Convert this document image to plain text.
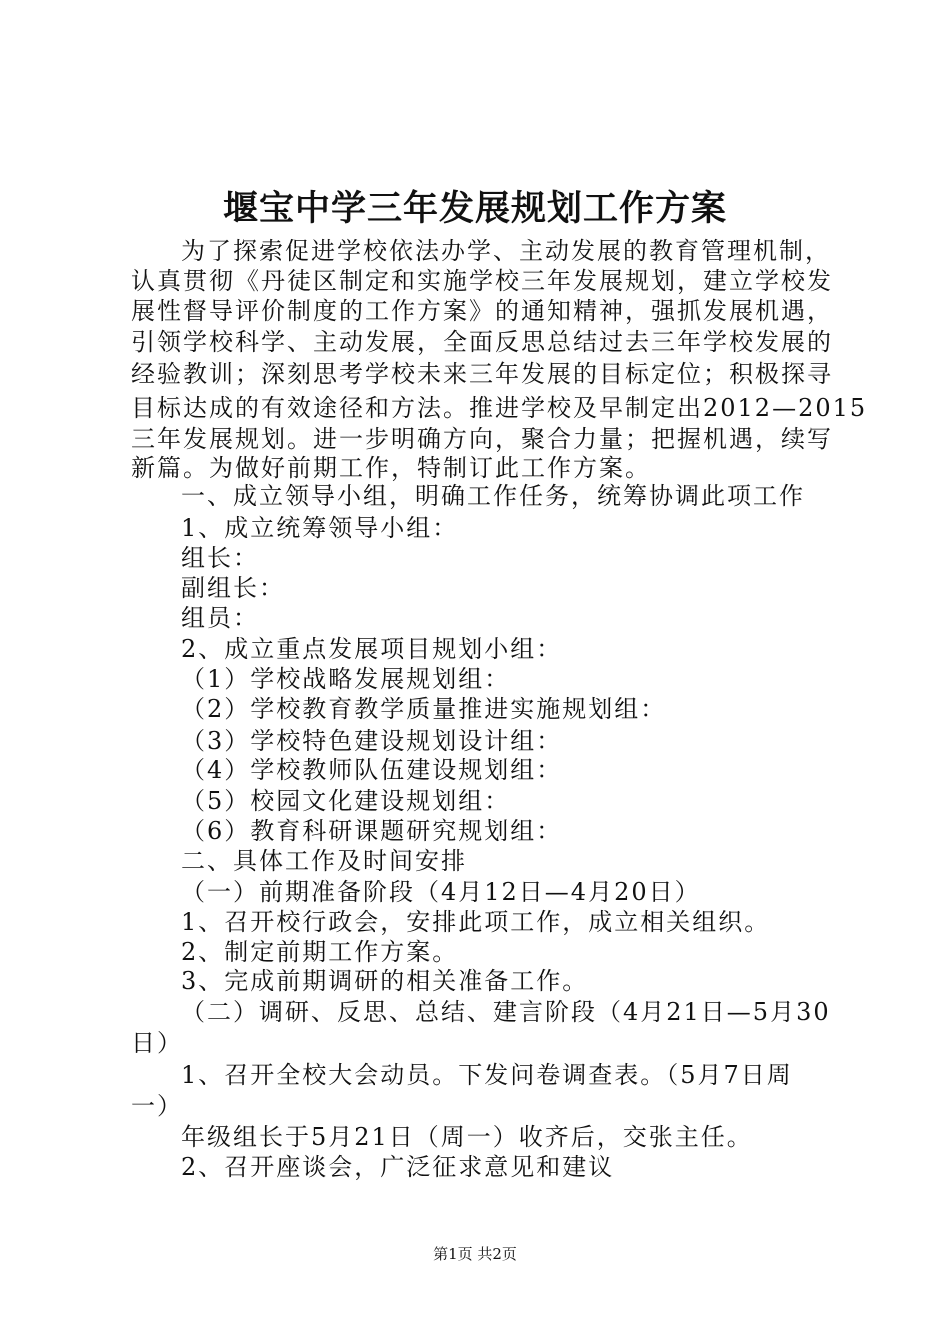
堰宝中学三年发展规划工作方案
为了探索促进学校依法办学、主动发展的教育管理机制，
认真贯彻《丹徒区制定和实施学校三年发展规划，建立学校发
展性督导评价制度的工作方案》的通知精神，强抓发展机遇，
引领学校科学、主动发展，全面反思总结过去三年学校发展的
经验教训；深刻思考学校未来三年发展的目标定位；积极探寻
目标达成的有效途径和方法。推进学校及早制定出2012—2015
三年发展规划。进一步明确方向，聚合力量；把握机遇，续写
新篇。为做好前期工作，特制订此工作方案。
一、成立领导小组，明确工作任务，统筹协调此项工作
1、成立统筹领导小组：
组长：
副组长：
组员：
2、成立重点发展项目规划小组：
（1）学校战略发展规划组：
（2）学校教育教学质量推进实施规划组：
（3）学校特色建设规划设计组：
（4）学校教师队伍建设规划组：
（5）校园文化建设规划组：
（6）教育科研课题研究规划组：
二、具体工作及时间安排
（一）前期准备阶段（4月12日—4月20日）
1、召开校行政会，安排此项工作，成立相关组织。
2、制定前期工作方案。
3、完成前期调研的相关准备工作。
（二）调研、反思、总结、建言阶段（4月21日—5月30
日）
1、召开全校大会动员。下发问卷调查表。（5月7日周
一）
年级组长于5月21日（周一）收齐后，交张主任。
2、召开座谈会，广泛征求意见和建议
第1页 共2页
